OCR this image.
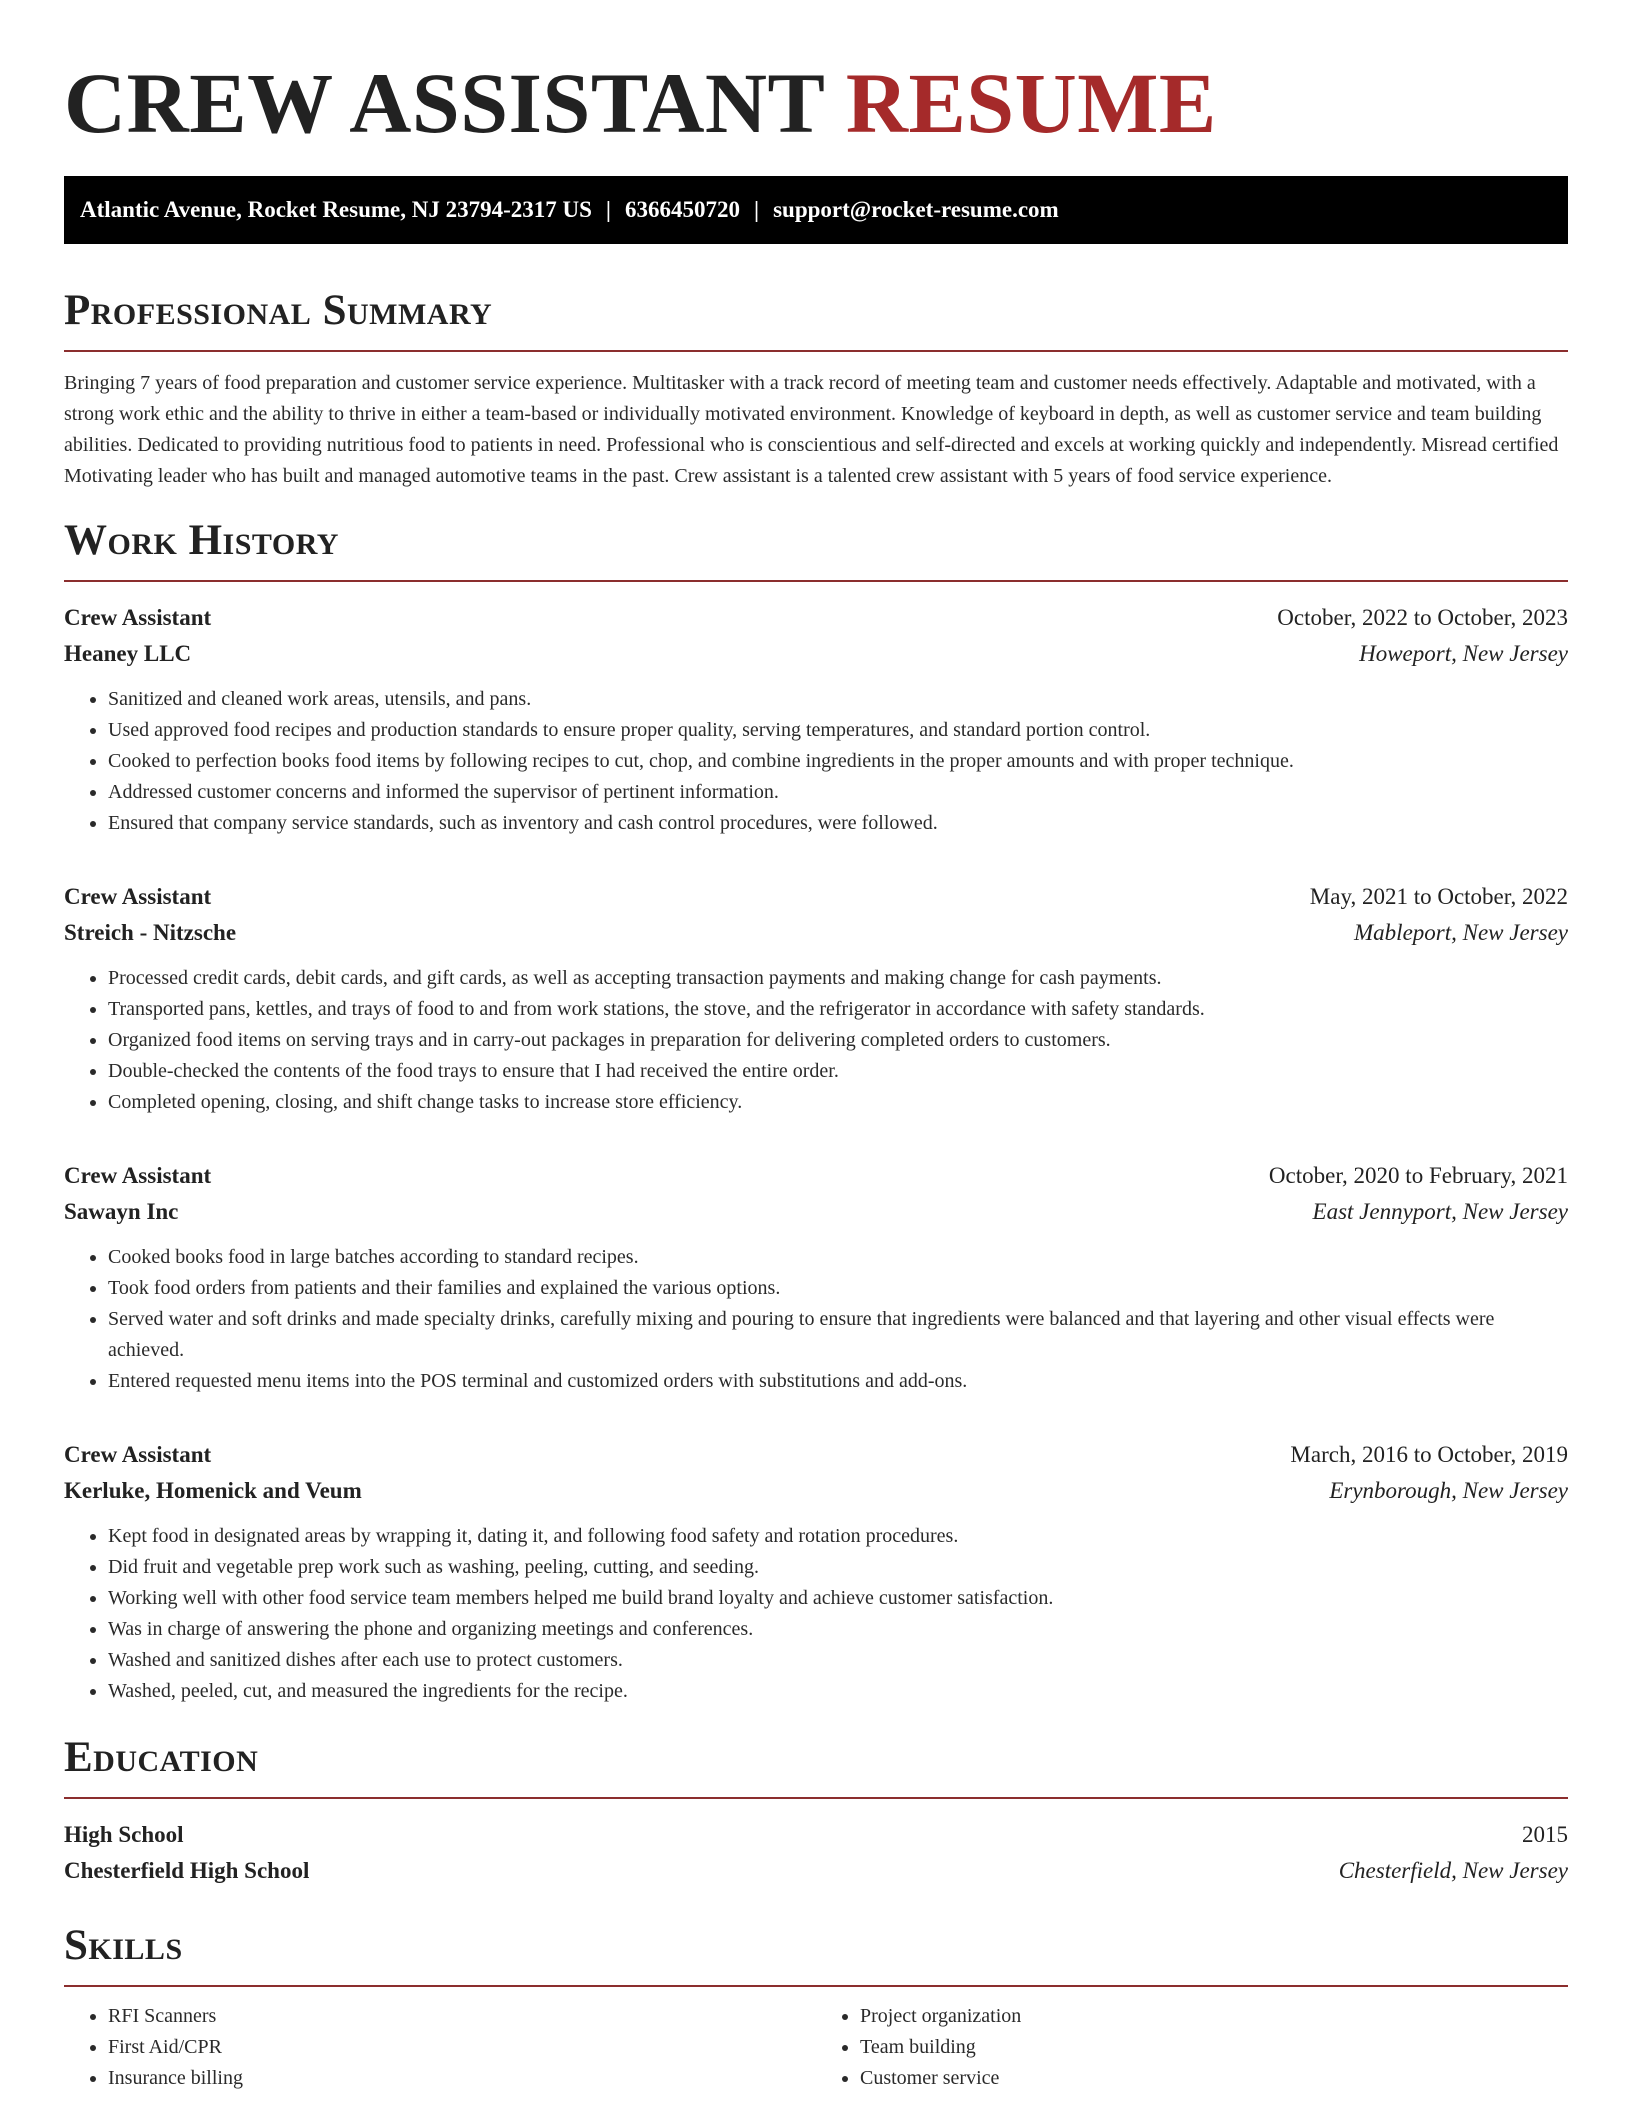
CREW ASSISTANT RESUME
Atlantic Avenue, Rocket Resume, NJ 23794-2317 US | 6366450720 | support@rocket-resume.com
Professional Summary

Bringing 7 years of food preparation and customer service experience. Multitasker with a track record of meeting team and customer needs effectively. Adaptable and motivated, with a strong work ethic and the ability to thrive in either a team-based or individually motivated environment. Knowledge of keyboard in depth, as well as customer service and team building abilities. Dedicated to providing nutritious food to patients in need. Professional who is conscientious and self-directed and excels at working quickly and independently. Misread certified Motivating leader who has built and managed automotive teams in the past. Crew assistant is a talented crew assistant with 5 years of food service experience.

Work History
Crew Assistant	October, 2022 to October, 2023
Heaney LLC	Howeport, New Jersey
• Sanitized and cleaned work areas, utensils, and pans.
• Used approved food recipes and production standards to ensure proper quality, serving temperatures, and standard portion control.
• Cooked to perfection books food items by following recipes to cut, chop, and combine ingredients in the proper amounts and with proper technique.
• Addressed customer concerns and informed the supervisor of pertinent information.
• Ensured that company service standards, such as inventory and cash control procedures, were followed.
Crew Assistant	May, 2021 to October, 2022
Streich - Nitzsche	Mableport, New Jersey
• Processed credit cards, debit cards, and gift cards, as well as accepting transaction payments and making change for cash payments.
• Transported pans, kettles, and trays of food to and from work stations, the stove, and the refrigerator in accordance with safety standards.
• Organized food items on serving trays and in carry-out packages in preparation for delivering completed orders to customers.
• Double-checked the contents of the food trays to ensure that I had received the entire order.
• Completed opening, closing, and shift change tasks to increase store efficiency.
Crew Assistant	October, 2020 to February, 2021
Sawayn Inc	East Jennyport, New Jersey
• Cooked books food in large batches according to standard recipes.
• Took food orders from patients and their families and explained the various options.
• Served water and soft drinks and made specialty drinks, carefully mixing and pouring to ensure that ingredients were balanced and that layering and other visual effects were achieved.
• Entered requested menu items into the POS terminal and customized orders with substitutions and add-ons.
Crew Assistant	March, 2016 to October, 2019
Kerluke, Homenick and Veum	Erynborough, New Jersey
• Kept food in designated areas by wrapping it, dating it, and following food safety and rotation procedures.
• Did fruit and vegetable prep work such as washing, peeling, cutting, and seeding.
• Working well with other food service team members helped me build brand loyalty and achieve customer satisfaction.
• Was in charge of answering the phone and organizing meetings and conferences.
• Washed and sanitized dishes after each use to protect customers.
• Washed, peeled, cut, and measured the ingredients for the recipe.
Education
High School	2015
Chesterfield High School	Chesterfield, New Jersey
Skills
• RFI Scanners
• First Aid/CPR
• Insurance billing
• Project organization
• Team building
• Customer service
